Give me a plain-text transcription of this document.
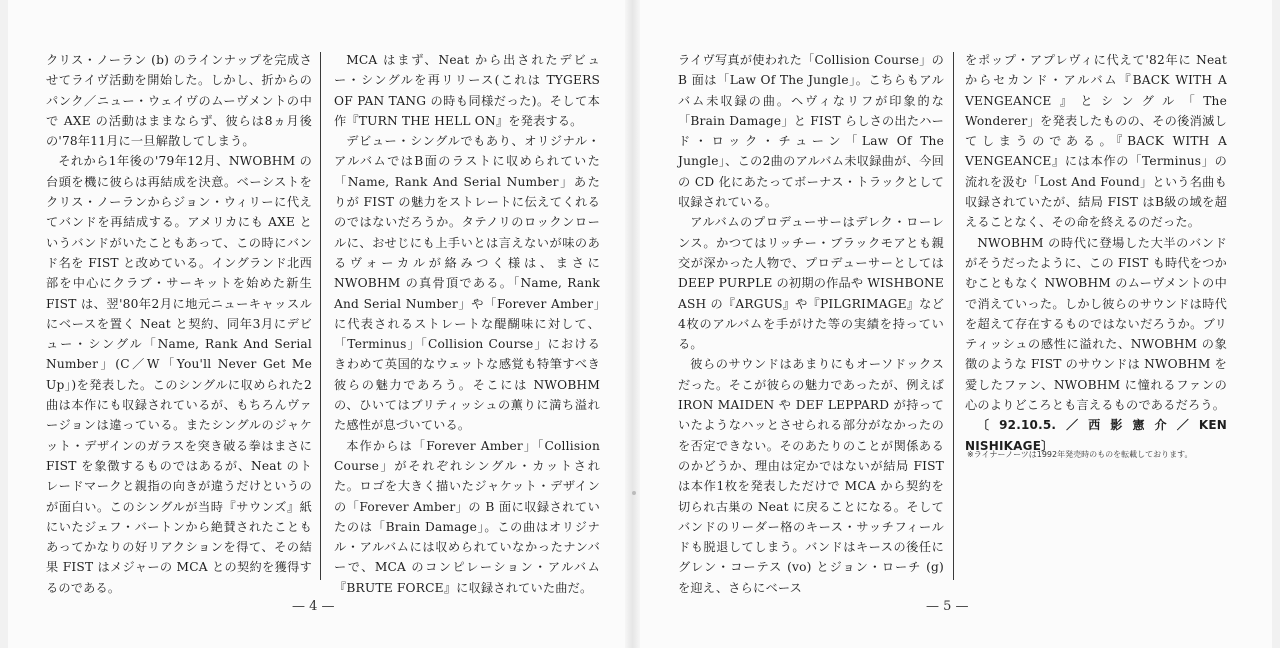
クリス・ノーラン (b) のラインナップを完成させてライヴ活動を開始した。しかし、折からのパンク／ニュー・ウェイヴのムーヴメントの中で AXE の活動はままならず、彼らは8ヵ月後の'78年11月に一旦解散してしまう。

それから1年後の'79年12月、NWOBHM の台頭を機に彼らは再結成を決意。ベーシストをクリス・ノーランからジョン・ウィリーに代えてバンドを再結成する。アメリカにも AXE というバンドがいたこともあって、この時にバンド名を FIST と改めている。イングランド北西部を中心にクラブ・サーキットを始めた新生 FIST は、翌'80年2月に地元ニューキャッスルにベースを置く Neat と契約、同年3月にデビュー・シングル「Name, Rank And Serial Number」(C／W「You'll Never Get Me Up」)を発表した。このシングルに収められた2曲は本作にも収録されているが、もちろんヴァージョンは違っている。またシングルのジャケット・デザインのガラスを突き破る拳はまさに FIST を象徴するものではあるが、Neat のトレードマークと親指の向きが違うだけというのが面白い。このシングルが当時『サウンズ』紙にいたジェフ・バートンから絶賛されたこともあってかなりの好リアクションを得て、その結果 FIST はメジャーの MCA との契約を獲得するのである。

MCA はまず、Neat から出されたデビュー・シングルを再リリース(これは TYGERS OF PAN TANG の時も同様だった)。そして本作『TURN THE HELL ON』を発表する。

デビュー・シングルでもあり、オリジナル・アルバムではB面のラストに収められていた「Name, Rank And Serial Number」あたりが FIST の魅力をストレートに伝えてくれるのではないだろうか。タテノリのロックンロールに、おせじにも上手いとは言えないが味のあるヴォーカルが絡みつく様は、まさに NWOBHM の真骨頂である。「Name, Rank And Serial Number」や「Forever Amber」に代表されるストレートな醍醐味に対して、「Terminus」「Collision Course」におけるきわめて英国的なウェットな感覚も特筆すべき彼らの魅力であろう。そこには NWOBHM の、ひいてはブリティッシュの薫りに満ち溢れた感性が息づいている。

本作からは「Forever Amber」「Collision Course」がそれぞれシングル・カットされた。ロゴを大きく描いたジャケット・デザインの「Forever Amber」の B 面に収録されていたのは「Brain Damage」。この曲はオリジナル・アルバムには収められていなかったナンバーで、MCA のコンピレーション・アルバム『BRUTE FORCE』に収録されていた曲だ。

— 4 —

ライヴ写真が使われた「Collision Course」の B 面は「Law Of The Jungle」。こちらもアルバム未収録の曲。ヘヴィなリフが印象的な「Brain Damage」と FIST らしさの出たハード・ロック・チューン「Law Of The Jungle」、この2曲のアルバム未収録曲が、今回の CD 化にあたってボーナス・トラックとして収録されている。

アルバムのプロデューサーはデレク・ローレンス。かつてはリッチー・ブラックモアとも親交が深かった人物で、プロデューサーとしては DEEP PURPLE の初期の作品や WISHBONE ASH の『ARGUS』や『PILGRIMAGE』など4枚のアルバムを手がけた等の実績を持っている。

彼らのサウンドはあまりにもオーソドックスだった。そこが彼らの魅力であったが、例えば IRON MAIDEN や DEF LEPPARD が持っていたようなハッとさせられる部分がなかったのを否定できない。そのあたりのことが関係あるのかどうか、理由は定かではないが結局 FIST は本作1枚を発表しただけで MCA から契約を切られ古巣の Neat に戻ることになる。そしてバンドのリーダー格のキース・サッチフィールドも脱退してしまう。バンドはキースの後任にグレン・コーテス (vo) とジョン・ローチ (g) を迎え、さらにベース

をポップ・アプレヴィに代えて'82年に Neat からセカンド・アルバム『BACK WITH A VENGEANCE』とシングル「The Wonderer」を発表したものの、その後消滅してしまうのである。『BACK WITH A VENGEANCE』には本作の「Terminus」の流れを汲む「Lost And Found」という名曲も収録されていたが、結局 FIST はB級の域を超えることなく、その命を終えるのだった。

NWOBHM の時代に登場した大半のバンドがそうだったように、この FIST も時代をつかむこともなく NWOBHM のムーヴメントの中で消えていった。しかし彼らのサウンドは時代を超えて存在するものではないだろうか。ブリティッシュの感性に溢れた、NWOBHM の象徴のような FIST のサウンドは NWOBHM を愛したファン、NWOBHM に憧れるファンの心のよりどころとも言えるものであるだろう。

〔92.10.5.／西影憲介／KEN NISHIKAGE〕

※ライナーノーツは1992年発売時のものを転載しております。
— 5 —
